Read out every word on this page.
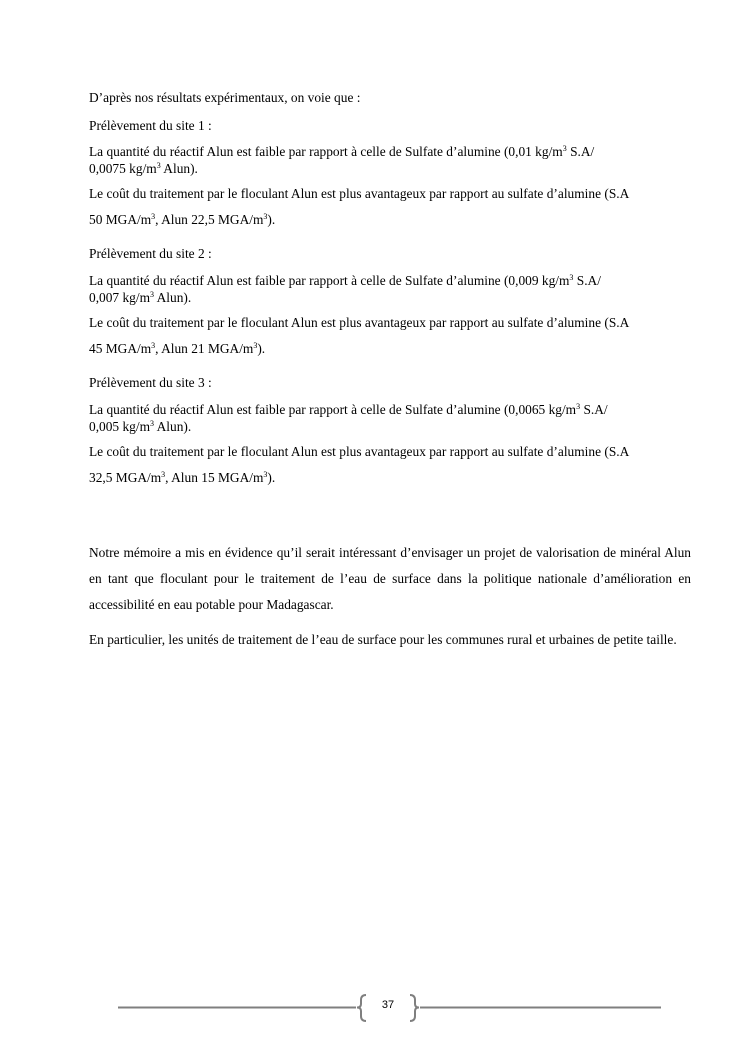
D’après nos résultats expérimentaux, on voie que :

Prélèvement du site 1 :

La quantité du réactif Alun est faible par rapport à celle de Sulfate d’alumine (0,01 $kg/m^3$ S.A/
0,0075 $kg/m^3$ Alun).

Le coût du traitement par le floculant Alun est plus avantageux par rapport au sulfate d’alumine (S.A
50 MGA/$m^3$, Alun 22,5 MGA/$m^3$).

Prélèvement du site 2 :

La quantité du réactif Alun est faible par rapport à celle de Sulfate d’alumine (0,009 $kg/m^3$ S.A/
0,007 $kg/m^3$ Alun).

Le coût du traitement par le floculant Alun est plus avantageux par rapport au sulfate d’alumine (S.A
45 MGA/$m^3$, Alun 21 MGA/$m^3$).

Prélèvement du site 3 :

La quantité du réactif Alun est faible par rapport à celle de Sulfate d’alumine (0,0065 $kg/m^3$ S.A/
0,005 $kg/m^3$ Alun).

Le coût du traitement par le floculant Alun est plus avantageux par rapport au sulfate d’alumine (S.A
32,5 MGA/$m^3$, Alun 15 MGA/$m^3$).

Notre mémoire a mis en évidence qu’il serait intéressant d’envisager un projet de valorisation de minéral Alun en tant que floculant pour le traitement de l’eau de surface dans la politique nationale d’amélioration en accessibilité en eau potable pour Madagascar.

En particulier, les unités de traitement de l’eau de surface pour les communes rural et urbaines de petite taille.

37
